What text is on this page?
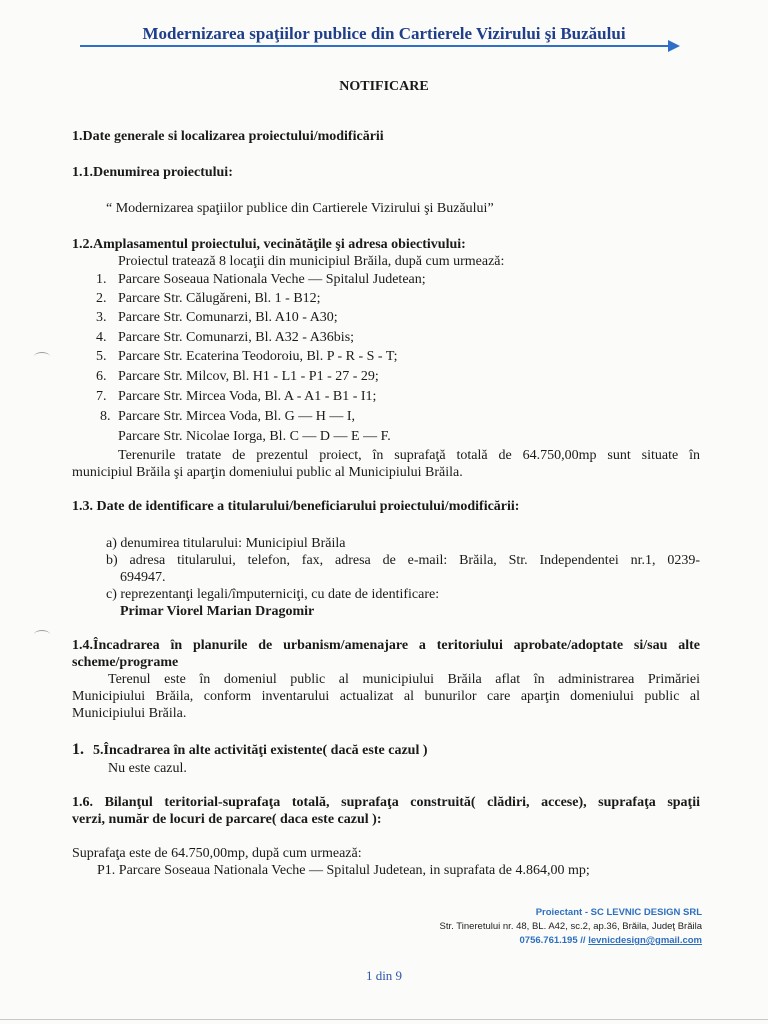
Modernizarea spaţiilor publice din Cartierele Vizirului şi Buzăului
NOTIFICARE
1.Date generale si localizarea proiectului/modificării
1.1.Denumirea proiectului:
“ Modernizarea spaţiilor publice din Cartierele Vizirului şi Buzăului”
1.2.Amplasamentul proiectului, vecinătăţile şi adresa obiectivului:
Proiectul tratează 8 locaţii din municipiul Brăila, după cum urmează:
1. Parcare Soseaua Nationala Veche — Spitalul Judetean;
2. Parcare Str. Călugăreni, Bl. 1 - B12;
3. Parcare Str. Comunarzi, Bl. A10 - A30;
4. Parcare Str. Comunarzi, Bl. A32 - A36bis;
5. Parcare Str. Ecaterina Teodoroiu, Bl. P - R - S - T;
6. Parcare Str. Milcov, Bl. H1 - L1 - P1 - 27 - 29;
7. Parcare Str. Mircea Voda, Bl. A - A1 - B1 - I1;
8. Parcare Str. Mircea Voda, Bl. G — H — I,
Parcare Str. Nicolae Iorga, Bl. C — D — E — F.
Terenurile tratate de prezentul proiect, în suprafaţă totală de 64.750,00mp sunt situate în
municipiul Brăila şi aparţin domeniului public al Municipiului Brăila.
1.3. Date de identificare a titularului/beneficiarului proiectului/modificării:
a) denumirea titularului: Municipiul Brăila
b) adresa titularului, telefon, fax, adresa de e-mail: Brăila, Str. Independentei nr.1, 0239-
694947.
c) reprezentanţi legali/împuterniciţi, cu date de identificare:
Primar Viorel Marian Dragomir
1.4.Încadrarea în planurile de urbanism/amenajare a teritoriului aprobate/adoptate si/sau alte
scheme/programe
Terenul este în domeniul public al municipiului Brăila aflat în administrarea Primăriei
Municipiului Brăila, conform inventarului actualizat al bunurilor care aparţin domeniului public al
Municipiului Brăila.
1. 5.Încadrarea în alte activităţi existente( dacă este cazul )
Nu este cazul.
1.6. Bilanţul teritorial-suprafaţa totală, suprafaţa construită( clădiri, accese), suprafaţa spaţii
verzi, număr de locuri de parcare( daca este cazul ):
Suprafaţa este de 64.750,00mp, după cum urmează:
P1. Parcare Soseaua Nationala Veche — Spitalul Judetean, in suprafata de 4.864,00 mp;
Proiectant - SC LEVNIC DESIGN SRL
Str. Tineretului nr. 48, BL. A42, sc.2, ap.36, Brăila, Judeţ Brăila
0756.761.195 // levnicdesign@gmail.com
1 din 9
